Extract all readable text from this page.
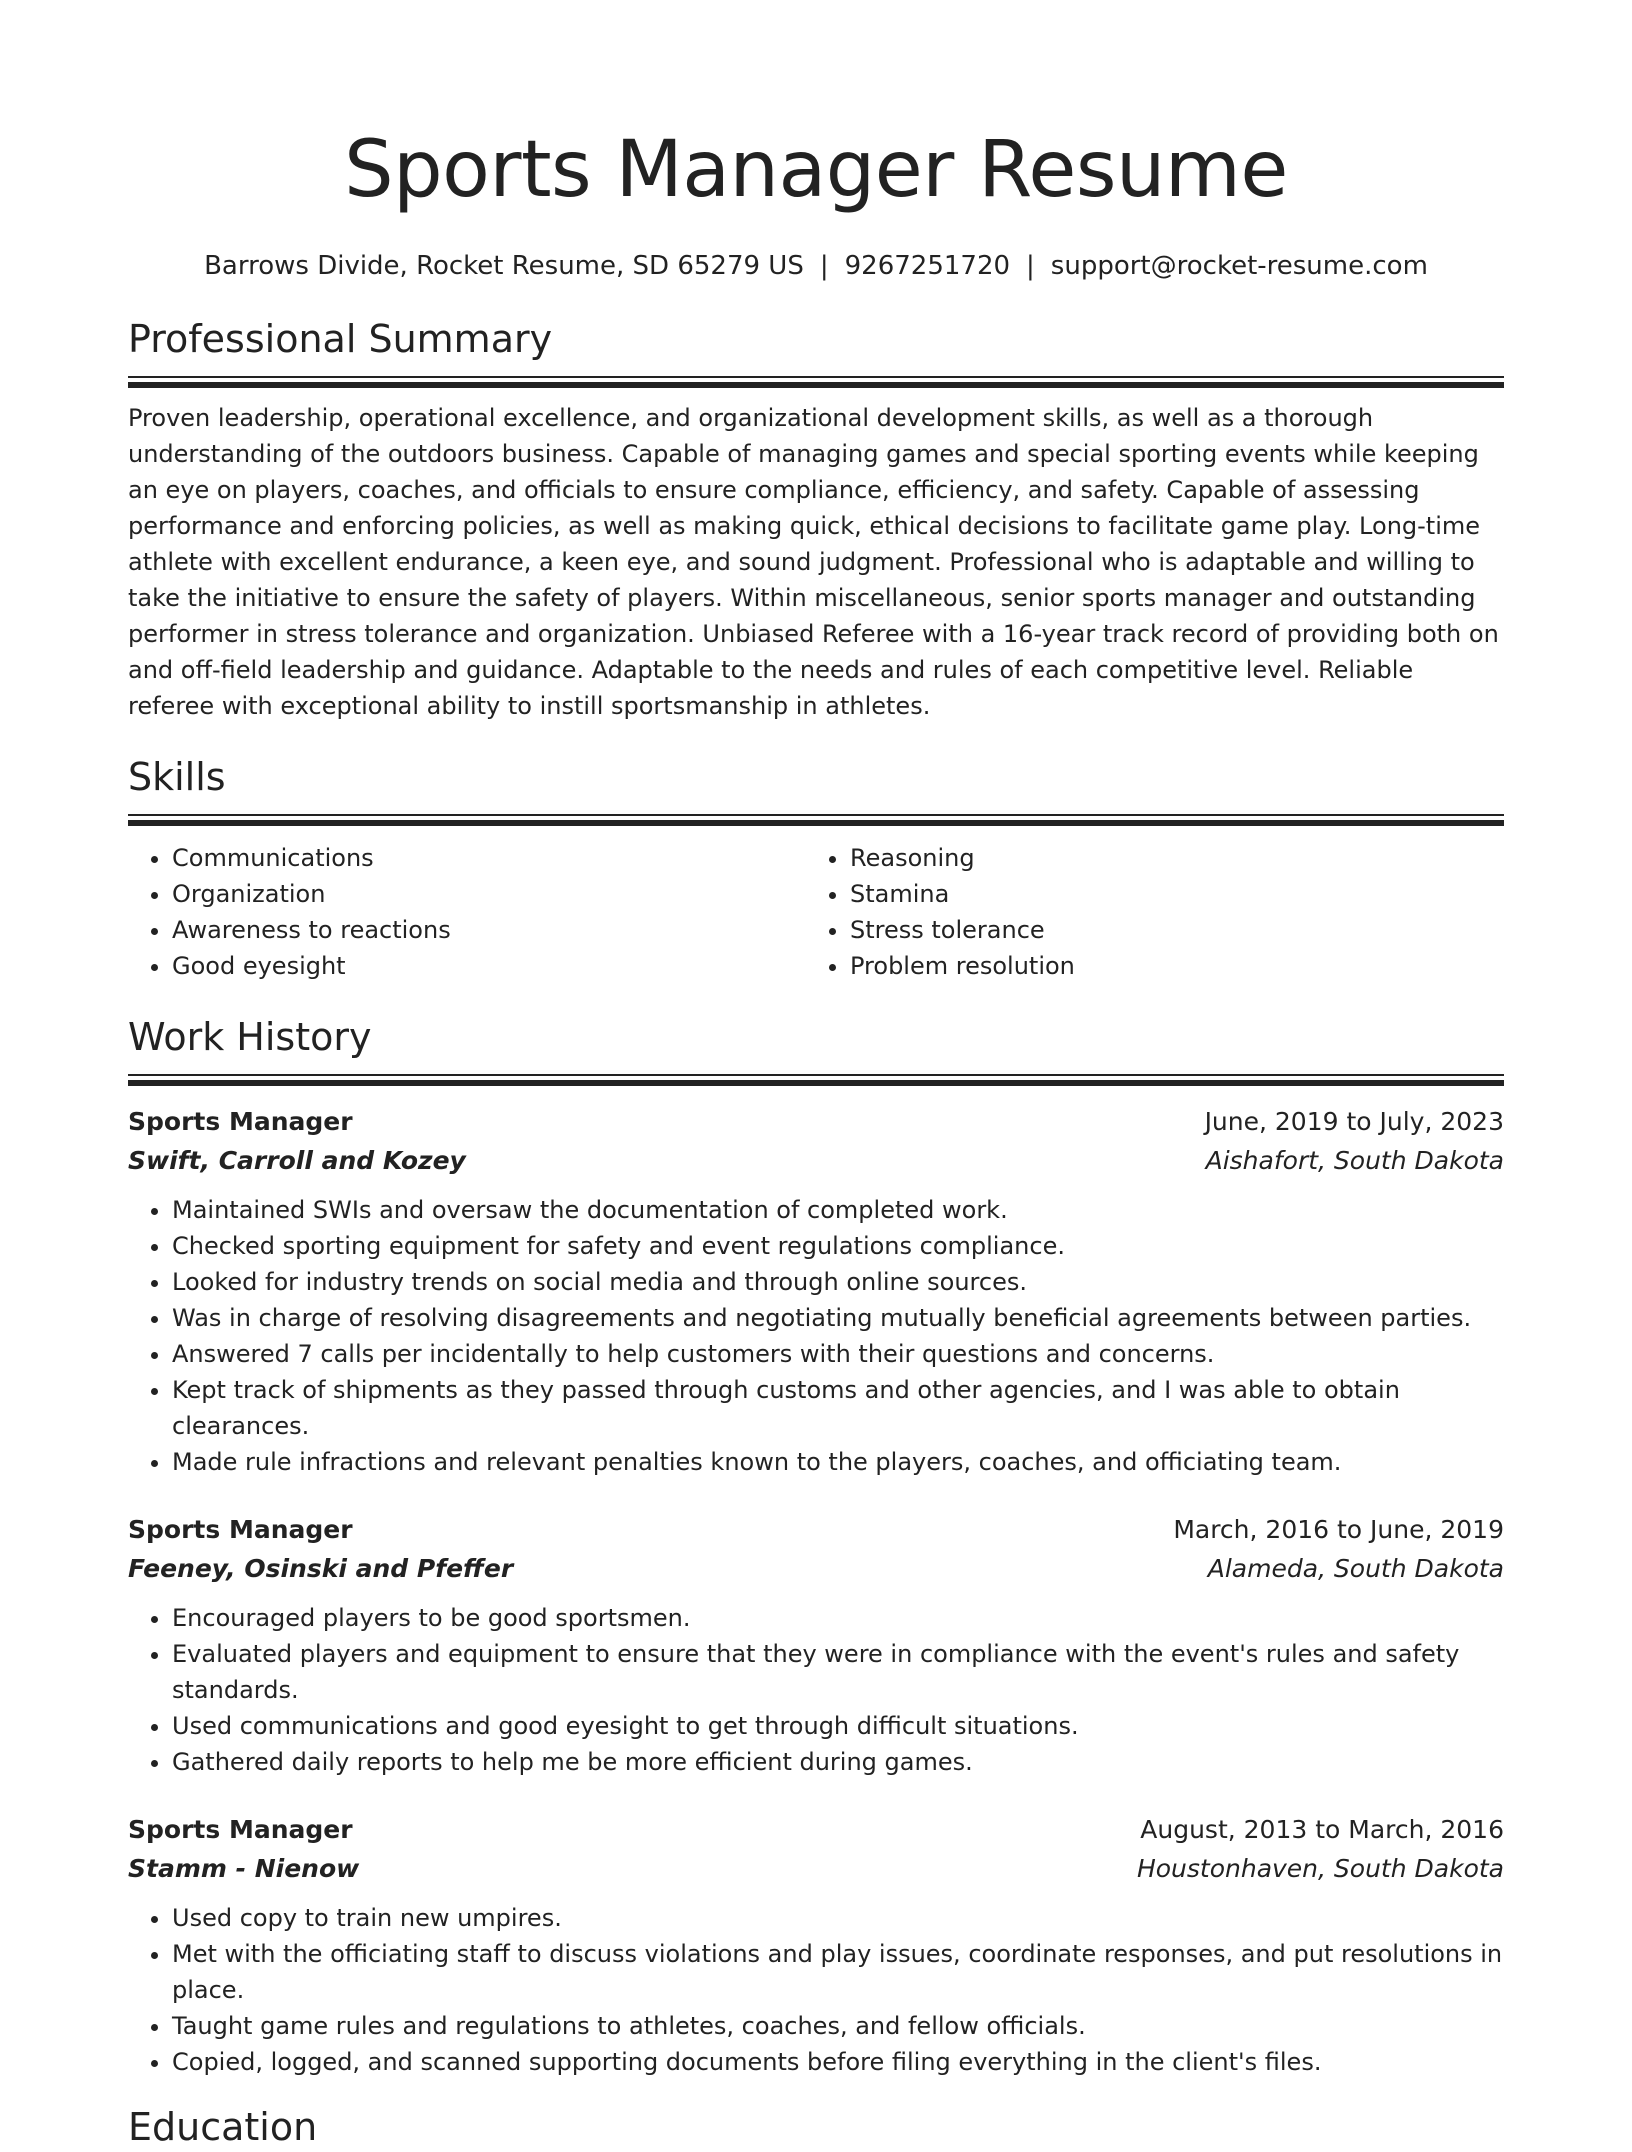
Sports Manager Resume
Barrows Divide, Rocket Resume, SD 65279 US | 9267251720 | support@rocket-resume.com
Professional Summary

Proven leadership, operational excellence, and organizational development skills, as well as a thorough understanding of the outdoors business. Capable of managing games and special sporting events while keeping an eye on players, coaches, and officials to ensure compliance, efficiency, and safety. Capable of assessing performance and enforcing policies, as well as making quick, ethical decisions to facilitate game play. Long-time athlete with excellent endurance, a keen eye, and sound judgment. Professional who is adaptable and willing to take the initiative to ensure the safety of players. Within miscellaneous, senior sports manager and outstanding performer in stress tolerance and organization. Unbiased Referee with a 16-year track record of providing both on and off-field leadership and guidance. Adaptable to the needs and rules of each competitive level. Reliable referee with exceptional ability to instill sportsmanship in athletes.

Skills
• Communications
• Organization
• Awareness to reactions
• Good eyesight
• Reasoning
• Stamina
• Stress tolerance
• Problem resolution
Work History
Sports Manager	June, 2019 to July, 2023
Swift, Carroll and Kozey	Aishafort, South Dakota
• Maintained SWIs and oversaw the documentation of completed work.
• Checked sporting equipment for safety and event regulations compliance.
• Looked for industry trends on social media and through online sources.
• Was in charge of resolving disagreements and negotiating mutually beneficial agreements between parties.
• Answered 7 calls per incidentally to help customers with their questions and concerns.
• Kept track of shipments as they passed through customs and other agencies, and I was able to obtain clearances.
• Made rule infractions and relevant penalties known to the players, coaches, and officiating team.
Sports Manager	March, 2016 to June, 2019
Feeney, Osinski and Pfeffer	Alameda, South Dakota
• Encouraged players to be good sportsmen.
• Evaluated players and equipment to ensure that they were in compliance with the event's rules and safety standards.
• Used communications and good eyesight to get through difficult situations.
• Gathered daily reports to help me be more efficient during games.
Sports Manager	August, 2013 to March, 2016
Stamm - Nienow	Houstonhaven, South Dakota
• Used copy to train new umpires.
• Met with the officiating staff to discuss violations and play issues, coordinate responses, and put resolutions in place.
• Taught game rules and regulations to athletes, coaches, and fellow officials.
• Copied, logged, and scanned supporting documents before filing everything in the client's files.
Education
